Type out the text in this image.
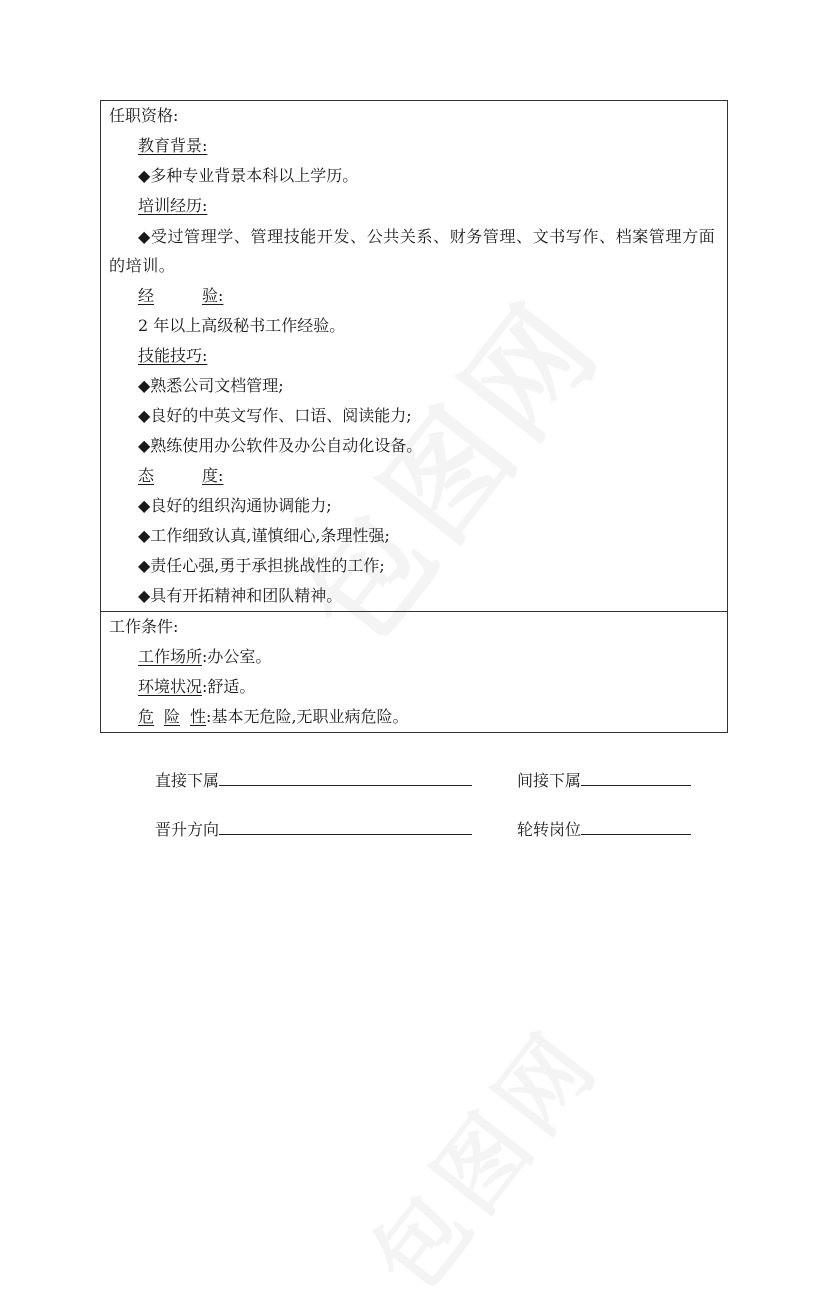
任职资格:
教育背景:
◆多种专业背景本科以上学历。
培训经历:
◆受过管理学、管理技能开发、公共关系、财务管理、文书写作、档案管理方面的培训。
经	验:
2 年以上高级秘书工作经验。
技能技巧:
◆熟悉公司文档管理;
◆良好的中英文写作、口语、阅读能力;
◆熟练使用办公软件及办公自动化设备。
态	度:
◆良好的组织沟通协调能力;
◆工作细致认真,谨慎细心,条理性强;
◆责任心强,勇于承担挑战性的工作;
◆具有开拓精神和团队精神。
工作条件:
工作场所:办公室。
环境状况:舒适。
危 险 性:基本无危险,无职业病危险。
直接下属	间接下属
晋升方向	轮转岗位
